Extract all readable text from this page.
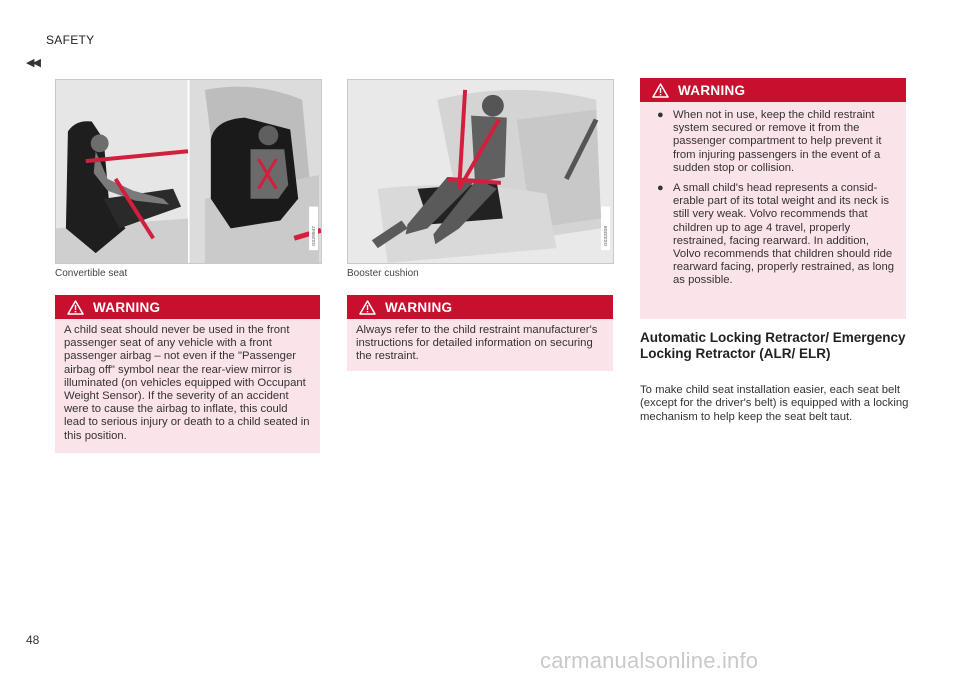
SAFETY
◀◀
G029947
Convertible seat
G033309
Booster cushion
WARNING
A child seat should never be used in the front passenger seat of any vehicle with a front passenger airbag – not even if the "Passenger airbag off" symbol near the rear-view mirror is illuminated (on vehicles equipped with Occupant Weight Sensor). If the severity of an accident were to cause the airbag to inflate, this could lead to serious injury or death to a child seated in this position.
WARNING
Always refer to the child restraint manufacturer's instructions for detailed information on securing the restraint.
WARNING
● When not in use, keep the child restraint system secured or remove it from the passenger compartment to help prevent it from injuring passengers in the event of a sudden stop or collision.
● A small child's head represents a considerable part of its total weight and its neck is still very weak. Volvo recommends that children up to age 4 travel, properly restrained, facing rearward. In addition, Volvo recommends that children should ride rearward facing, properly restrained, as long as possible.
Automatic Locking Retractor/ Emergency Locking Retractor (ALR/ ELR)
To make child seat installation easier, each seat belt (except for the driver's belt) is equipped with a locking mechanism to help keep the seat belt taut.
48
carmanualsonline.info
